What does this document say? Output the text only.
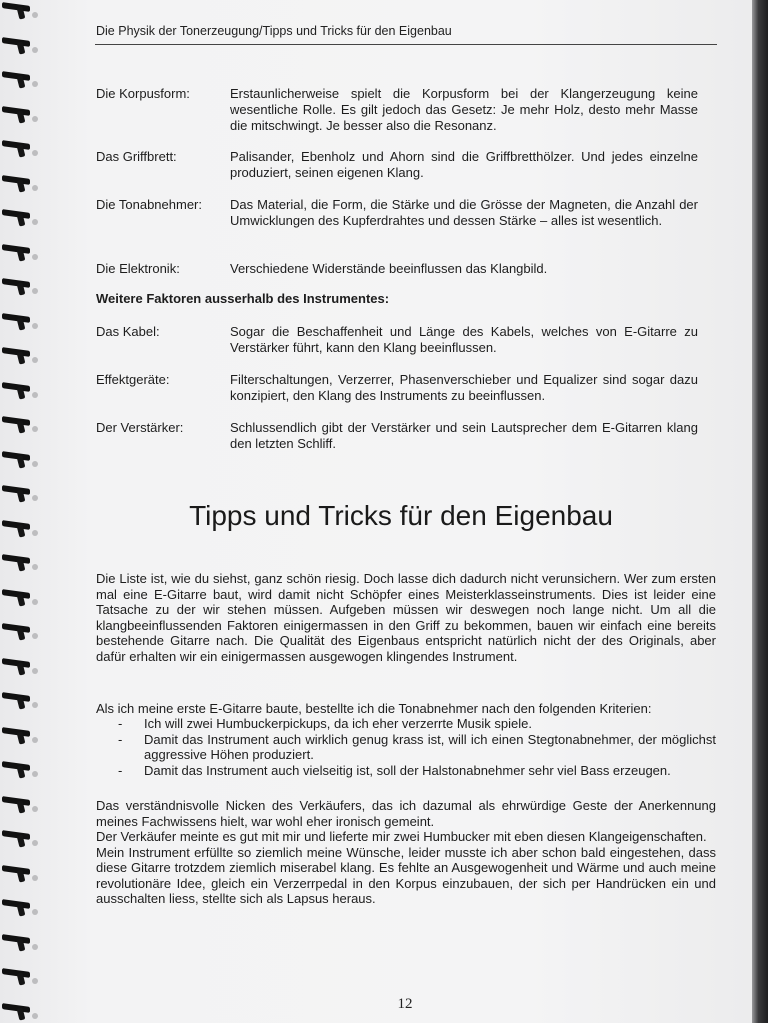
Die Physik der Tonerzeugung/Tipps und Tricks für den Eigenbau
Die Korpusform:	Erstaunlicherweise spielt die Korpusform bei der Klangerzeugung keine wesentliche Rolle. Es gilt jedoch das Gesetz: Je mehr Holz, desto mehr Masse die mitschwingt. Je besser also die Resonanz.
Das Griffbrett:	Palisander, Ebenholz und Ahorn sind die Griffbretthölzer. Und jedes einzelne produziert, seinen eigenen Klang.
Die Tonabnehmer:	Das Material, die Form, die Stärke und die Grösse der Magneten, die Anzahl der Umwicklungen des Kupferdrahtes und dessen Stärke – alles ist wesentlich.
Die Elektronik:	Verschiedene Widerstände beeinflussen das Klangbild.
Weitere Faktoren ausserhalb des Instrumentes:
Das Kabel:	Sogar die Beschaffenheit und Länge des Kabels, welches von E-Gitarre zu Verstärker führt, kann den Klang beeinflussen.
Effektgeräte:	Filterschaltungen, Verzerrer, Phasenverschieber und Equalizer sind sogar dazu konzipiert, den Klang des Instruments zu beeinflussen.
Der Verstärker:	Schlussendlich gibt der Verstärker und sein Lautsprecher dem E-Gitarren klang den letzten Schliff.
Tipps und Tricks für den Eigenbau
Die Liste ist, wie du siehst, ganz schön riesig. Doch lasse dich dadurch nicht verunsichern. Wer zum ersten mal eine E-Gitarre baut, wird damit nicht Schöpfer eines Meisterklasseinstruments. Dies ist leider eine Tatsache zu der wir stehen müssen. Aufgeben müssen wir deswegen noch lange nicht. Um all die klangbeeinflussenden Faktoren einigermassen in den Griff zu bekommen, bauen wir einfach eine bereits bestehende Gitarre nach. Die Qualität des Eigenbaus entspricht natürlich nicht der des Originals, aber dafür erhalten wir ein einigermassen ausgewogen klingendes Instrument.
Als ich meine erste E-Gitarre baute, bestellte ich die Tonabnehmer nach den folgenden Kriterien:
- Ich will zwei Humbuckerpickups, da ich eher verzerrte Musik spiele.
- Damit das Instrument auch wirklich genug krass ist, will ich einen Stegtonabnehmer, der möglichst aggressive Höhen produziert.
- Damit das Instrument auch vielseitig ist, soll der Halstonabnehmer sehr viel Bass erzeugen.

Das verständnisvolle Nicken des Verkäufers, das ich dazumal als ehrwürdige Geste der Anerkennung meines Fachwissens hielt, war wohl eher ironisch gemeint.

Der Verkäufer meinte es gut mit mir und lieferte mir zwei Humbucker mit eben diesen Klangeigenschaften.

Mein Instrument erfüllte so ziemlich meine Wünsche, leider musste ich aber schon bald eingestehen, dass diese Gitarre trotzdem ziemlich miserabel klang. Es fehlte an Ausgewogenheit und Wärme und auch meine revolutionäre Idee, gleich ein Verzerrpedal in den Korpus einzubauen, der sich per Handrücken ein und ausschalten liess, stellte sich als Lapsus heraus.

12
